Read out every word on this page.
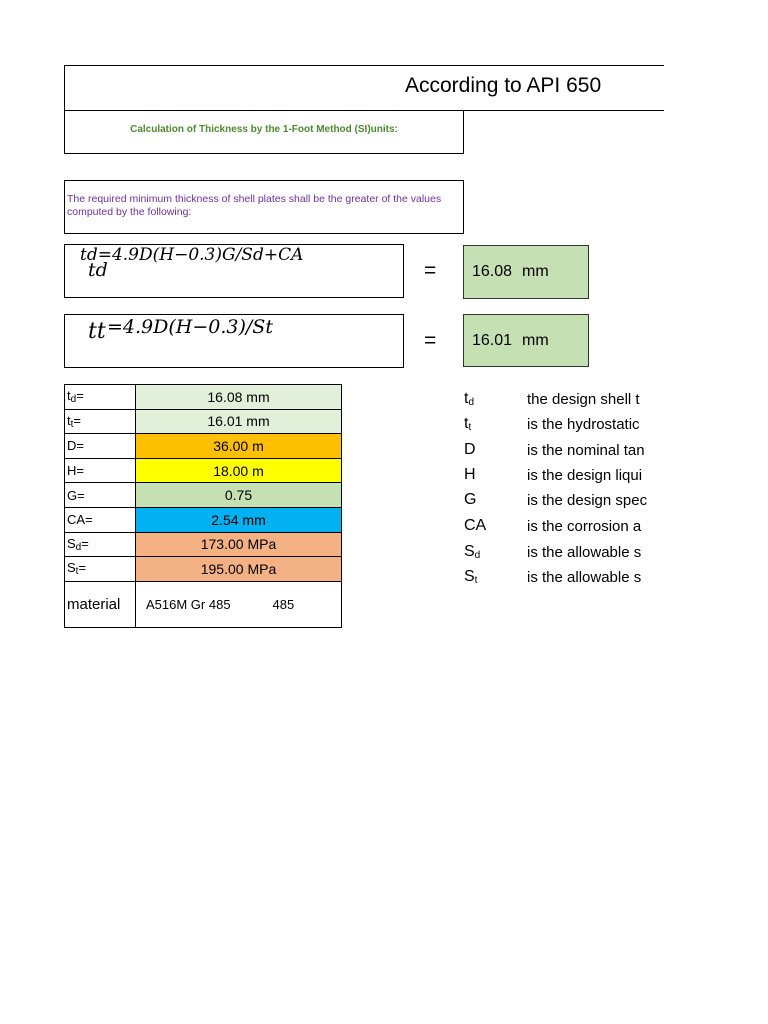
According to API 650
Calculation of Thickness by the 1-Foot Method (SI)units:
The required minimum thickness of shell plates shall be the greater of the values computed by the following:
td=4.9D(H−0.3)G/Sd+CA
td	= 16.08 mm
tt =4.9D(H−0.3)/St
= 16.01 mm
$t_d=$	16.08 mm
$t_t=$	16.01 mm
D=	36.00 m
H=	18.00 m
G=	0.75
CA=	2.54 mm
$S_d=$	173.00 MPa
$S_t=$	195.00 MPa
material	A516M Gr 485 485
$t_d$	the design shell t
$t_t$	is the hydrostatic
D	is the nominal tan
H	is the design liqui
G	is the design spec
CA	is the corrosion a
$S_d$	is the allowable s
$S_t$	is the allowable s
